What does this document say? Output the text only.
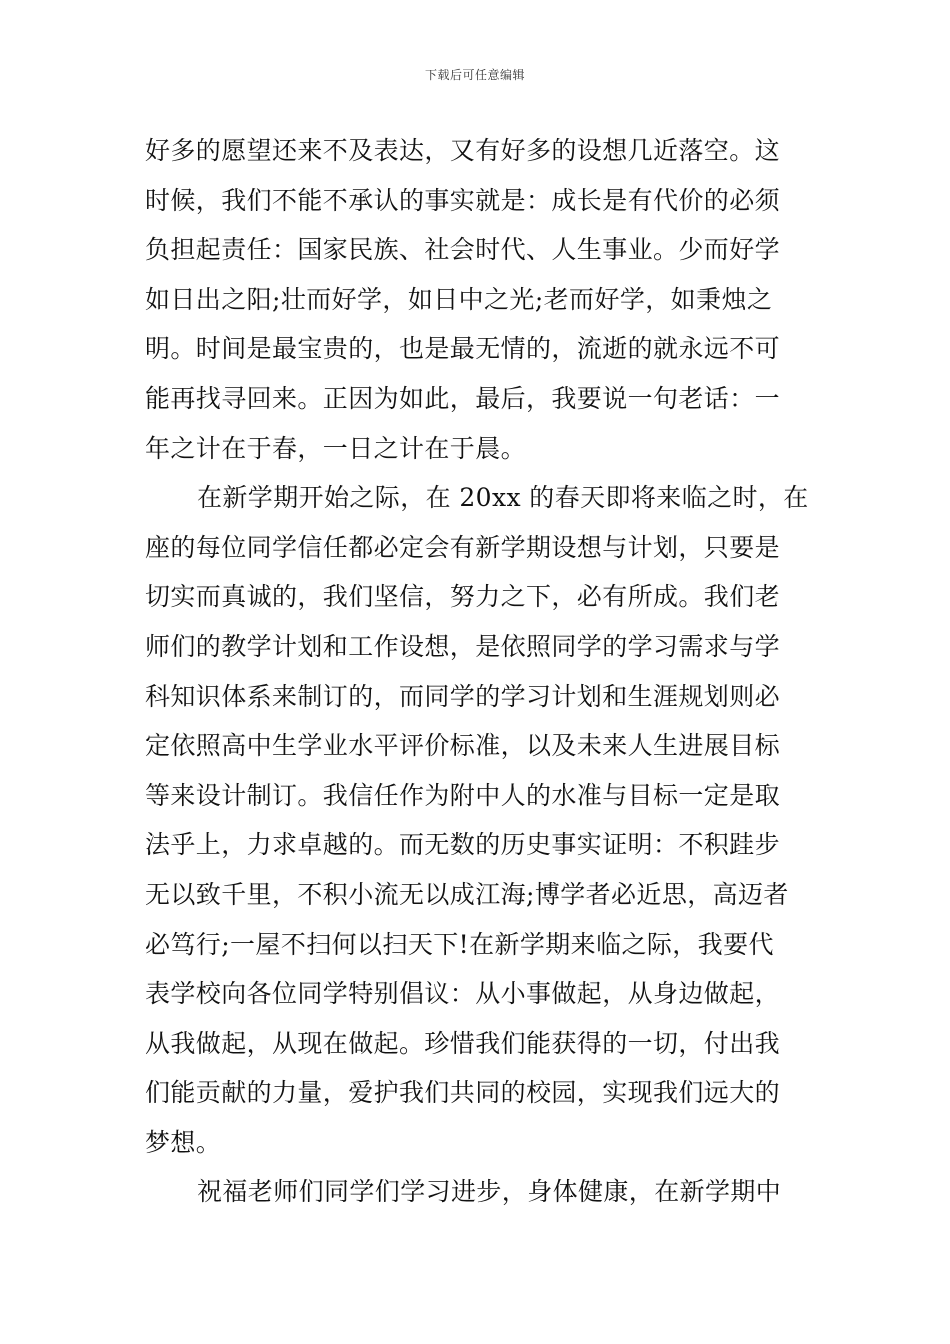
下载后可任意编辑
好多的愿望还来不及表达，又有好多的设想几近落空。这
时候，我们不能不承认的事实就是：成长是有代价的必须
负担起责任：国家民族、社会时代、人生事业。少而好学
如日出之阳;壮而好学，如日中之光;老而好学，如秉烛之
明。时间是最宝贵的，也是最无情的，流逝的就永远不可
能再找寻回来。正因为如此，最后，我要说一句老话：一
年之计在于春，一日之计在于晨。
在新学期开始之际，在 20xx 的春天即将来临之时，在
座的每位同学信任都必定会有新学期设想与计划，只要是
切实而真诚的，我们坚信，努力之下，必有所成。我们老
师们的教学计划和工作设想，是依照同学的学习需求与学
科知识体系来制订的，而同学的学习计划和生涯规划则必
定依照高中生学业水平评价标准，以及未来人生进展目标
等来设计制订。我信任作为附中人的水准与目标一定是取
法乎上，力求卓越的。而无数的历史事实证明：不积跬步
无以致千里，不积小流无以成江海;博学者必近思，高迈者
必笃行;一屋不扫何以扫天下!在新学期来临之际，我要代
表学校向各位同学特别倡议：从小事做起，从身边做起，
从我做起，从现在做起。珍惜我们能获得的一切，付出我
们能贡献的力量，爱护我们共同的校园，实现我们远大的
梦想。
祝福老师们同学们学习进步，身体健康，在新学期中
